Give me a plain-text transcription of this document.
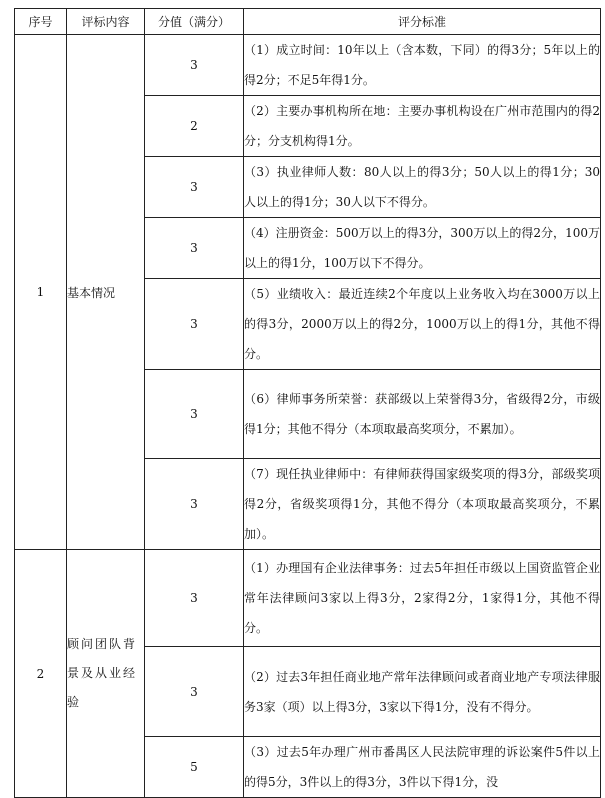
序号	评标内容	分值（满分）	评分标准
1	基本情况	3	（1）成立时间：10年以上（含本数，下同）的得3分；5年以上的得2分；不足5年得1分。
		2	（2）主要办事机构所在地：主要办事机构设在广州市范围内的得2分；分支机构得1分。
		3	（3）执业律师人数：80人以上的得3分；50人以上的得1分；30人以上的得1分；30人以下不得分。
		3	（4）注册资金：500万以上的得3分，300万以上的得2分，100万以上的得1分，100万以下不得分。
		3	（5）业绩收入：最近连续2个年度以上业务收入均在3000万以上的得3分，2000万以上的得2分，1000万以上的得1分，其他不得分。
		3	（6）律师事务所荣誉：获部级以上荣誉得3分，省级得2分，市级得1分；其他不得分（本项取最高奖项分，不累加）。
		3	（7）现任执业律师中：有律师获得国家级奖项的得3分，部级奖项得2分，省级奖项得1分，其他不得分（本项取最高奖项分，不累加）。
2	顾问团队背景及从业经验	3	（1）办理国有企业法律事务：过去5年担任市级以上国资监管企业常年法律顾问3家以上得3分，2家得2分，1家得1分，其他不得分。
		3	（2）过去3年担任商业地产常年法律顾问或者商业地产专项法律服务3家（项）以上得3分，3家以下得1分，没有不得分。
		5	（3）过去5年办理广州市番禺区人民法院审理的诉讼案件5件以上的得5分，3件以上的得3分，3件以下得1分，没
